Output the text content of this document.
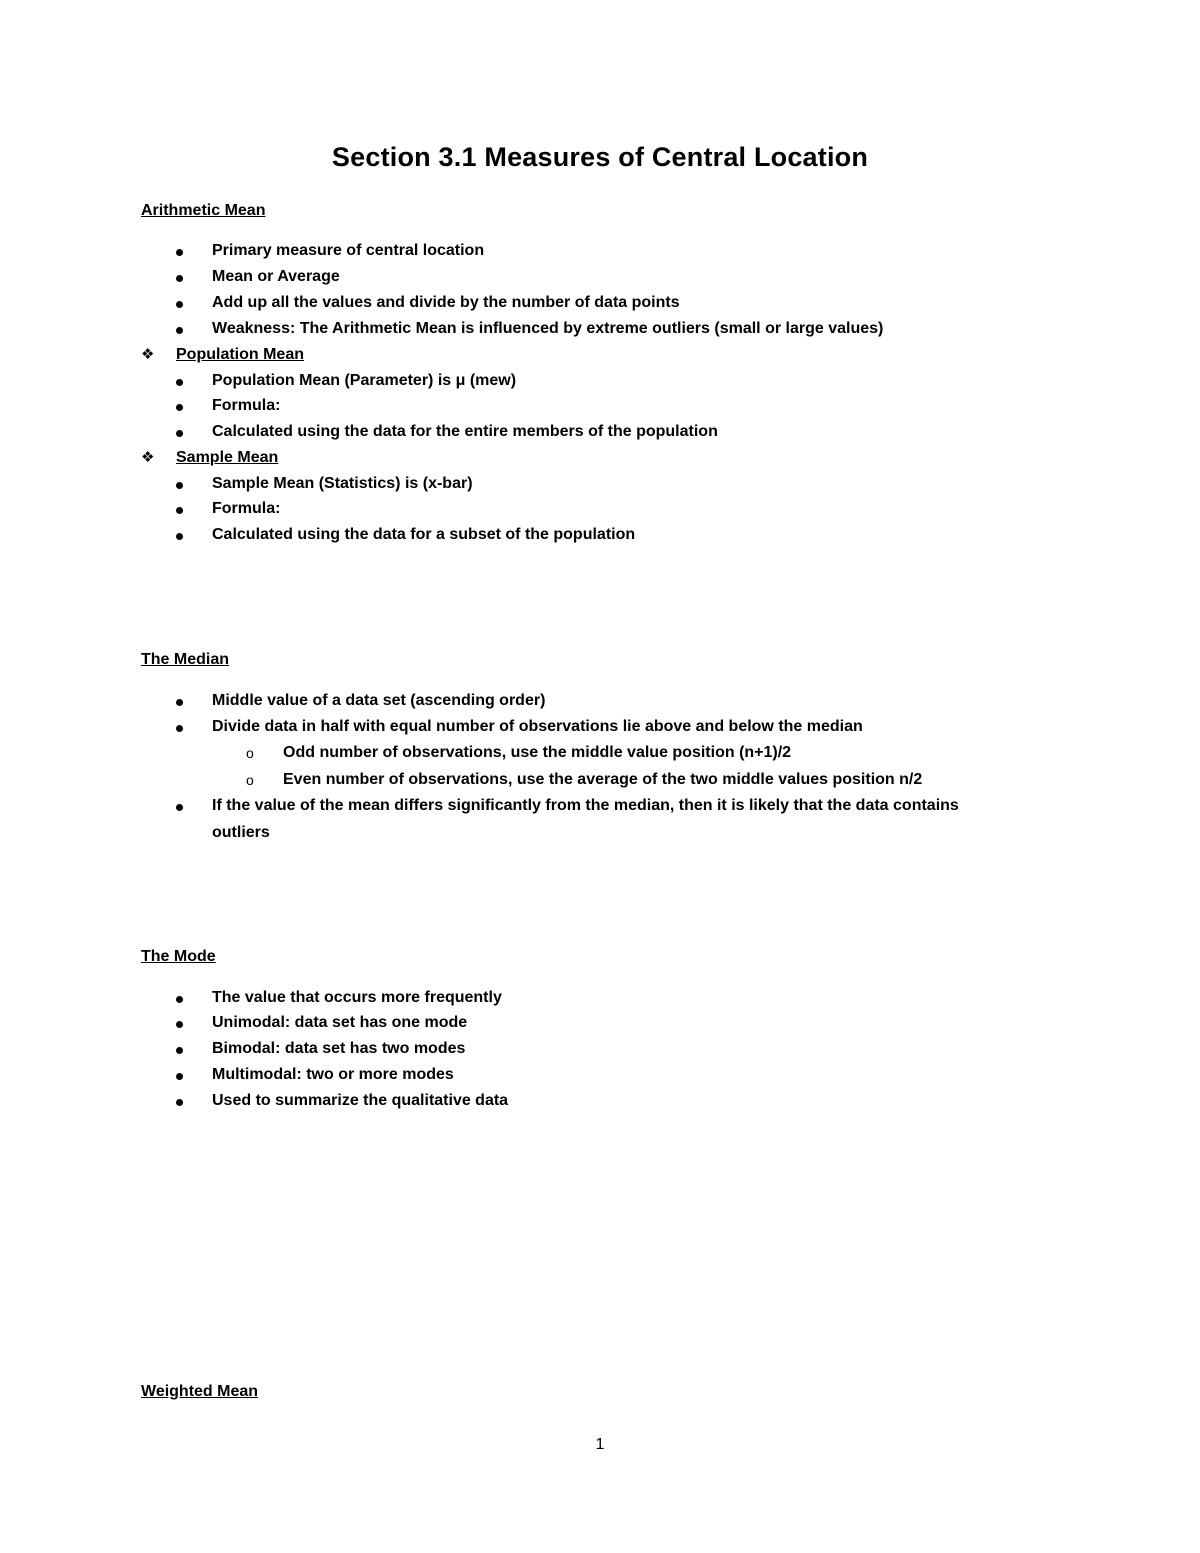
Section 3.1 Measures of Central Location
Arithmetic Mean
Primary measure of central location
Mean or Average
Add up all the values and divide by the number of data points
Weakness: The Arithmetic Mean is influenced by extreme outliers (small or large values)
❖ Population Mean
Population Mean (Parameter) is μ (mew)
Formula:
Calculated using the data for the entire members of the population
❖ Sample Mean
Sample Mean (Statistics) is (x-bar)
Formula:
Calculated using the data for a subset of the population
The Median
Middle value of a data set (ascending order)
Divide data in half with equal number of observations lie above and below the median
o Odd number of observations, use the middle value position (n+1)/2
o Even number of observations, use the average of the two middle values position n/2
If the value of the mean differs significantly from the median, then it is likely that the data contains
outliers
The Mode
The value that occurs more frequently
Unimodal: data set has one mode
Bimodal: data set has two modes
Multimodal: two or more modes
Used to summarize the qualitative data
Weighted Mean
1
